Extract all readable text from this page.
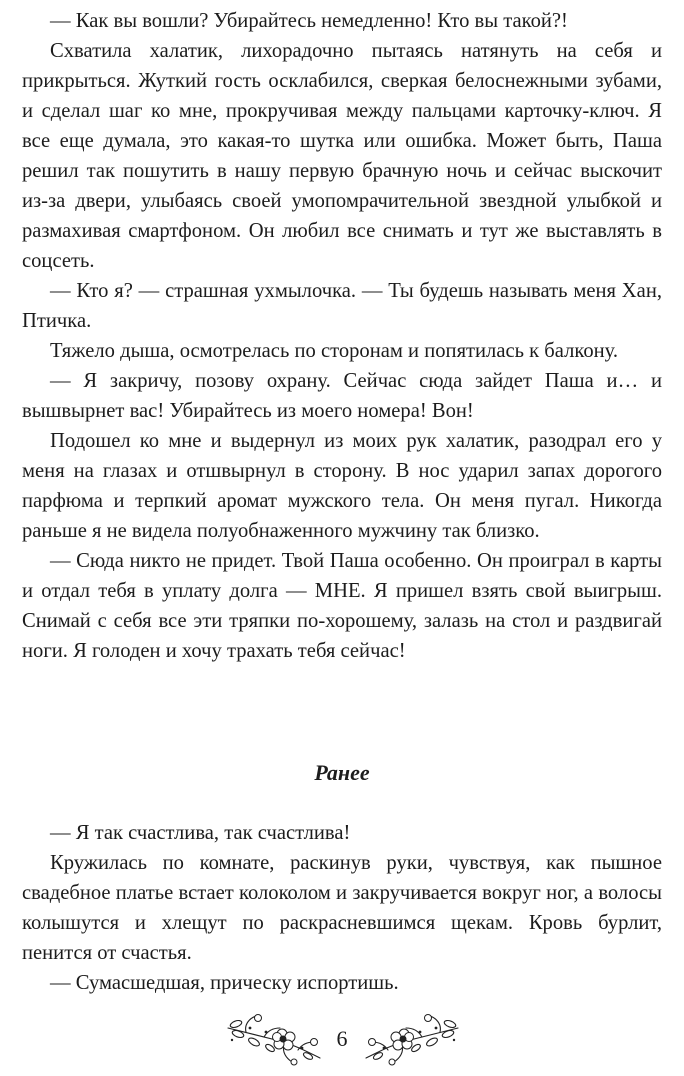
— Как вы вошли? Убирайтесь немедленно! Кто вы такой?!

Схватила халатик, лихорадочно пытаясь натянуть на себя и прикрыться. Жуткий гость осклабился, сверкая белоснежными зубами, и сделал шаг ко мне, прокручивая между пальцами карточку-ключ. Я все еще думала, это какая-то шутка или ошибка. Может быть, Паша решил так пошутить в нашу первую брачную ночь и сейчас выскочит из-за двери, улыбаясь своей умопомрачительной звездной улыбкой и размахивая смартфоном. Он любил все снимать и тут же выставлять в соцсеть.

— Кто я? — страшная ухмылочка. — Ты будешь называть меня Хан, Птичка.

Тяжело дыша, осмотрелась по сторонам и попятилась к балкону.

— Я закричу, позову охрану. Сейчас сюда зайдет Паша и… и вышвырнет вас! Убирайтесь из моего номера! Вон!

Подошел ко мне и выдернул из моих рук халатик, разодрал его у меня на глазах и отшвырнул в сторону. В нос ударил запах дорогого парфюма и терпкий аромат мужского тела. Он меня пугал. Никогда раньше я не видела полуобнаженного мужчину так близко.

— Сюда никто не придет. Твой Паша особенно. Он проиграл в карты и отдал тебя в уплату долга — МНЕ. Я пришел взять свой выигрыш. Снимай с себя все эти тряпки по-хорошему, залазь на стол и раздвигай ноги. Я голоден и хочу трахать тебя сейчас!

Ранее

— Я так счастлива, так счастлива!

Кружилась по комнате, раскинув руки, чувствуя, как пышное свадебное платье встает колоколом и закручивается вокруг ног, а волосы колышутся и хлещут по раскрасневшимся щекам. Кровь бурлит, пенится от счастья.

— Сумасшедшая, прическу испортишь.

6
